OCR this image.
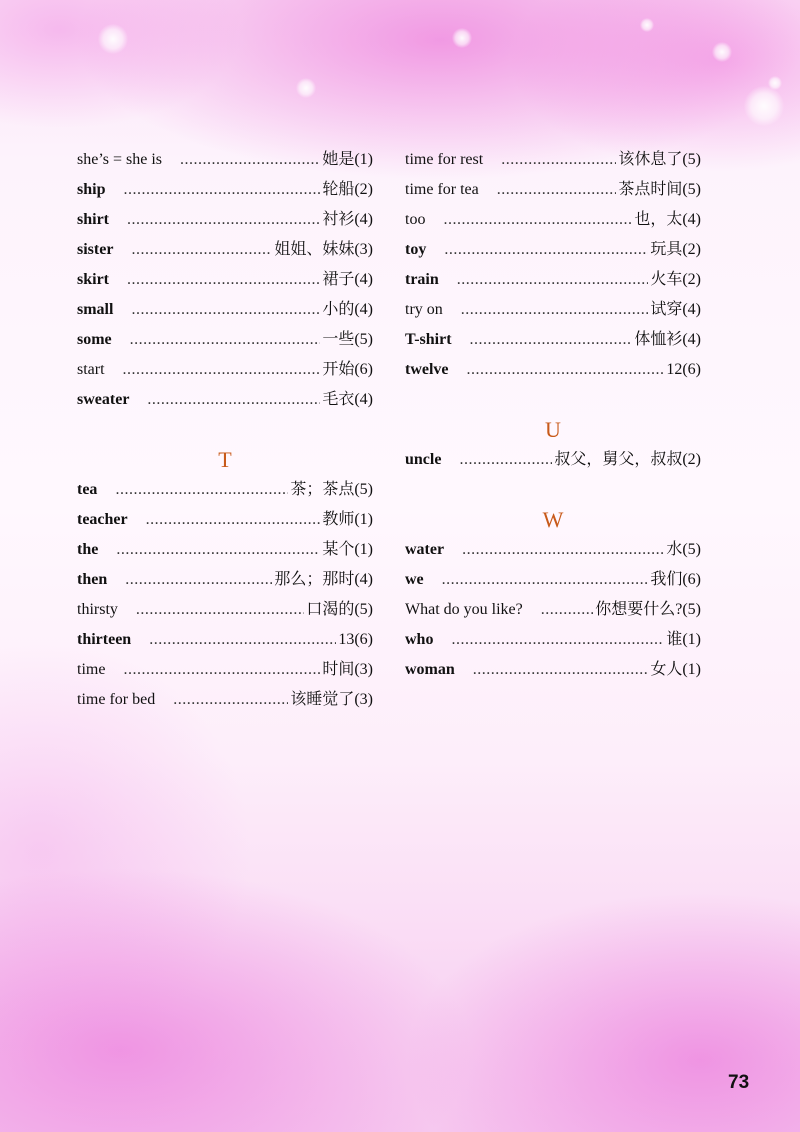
she’s = she is .....	她是(1)
ship .....	轮船(2)
shirt .....	衬衫(4)
sister .....	姐姐、妹妹(3)
skirt .....	裙子(4)
small .....	小的(4)
some .....	一些(5)
start .....	开始(6)
sweater .....	毛衣(4)
T
tea .....	茶；茶点(5)
teacher .....	教师(1)
the .....	某个(1)
then .....	那么；那时(4)
thirsty .....	口渴的(5)
thirteen .....	13(6)
time .....	时间(3)
time for bed .....	该睡觉了(3)
time for rest .....	该休息了(5)
time for tea .....	茶点时间(5)
too .....	也，太(4)
toy .....	玩具(2)
train .....	火车(2)
try on .....	试穿(4)
T-shirt .....	体恤衫(4)
twelve .....	12(6)
U
uncle .....	叔父，舅父，叔叔(2)
W
water .....	水(5)
we .....	我们(6)
What do you like? .....	你想要什么?(5)
who .....	谁(1)
woman .....	女人(1)
73
